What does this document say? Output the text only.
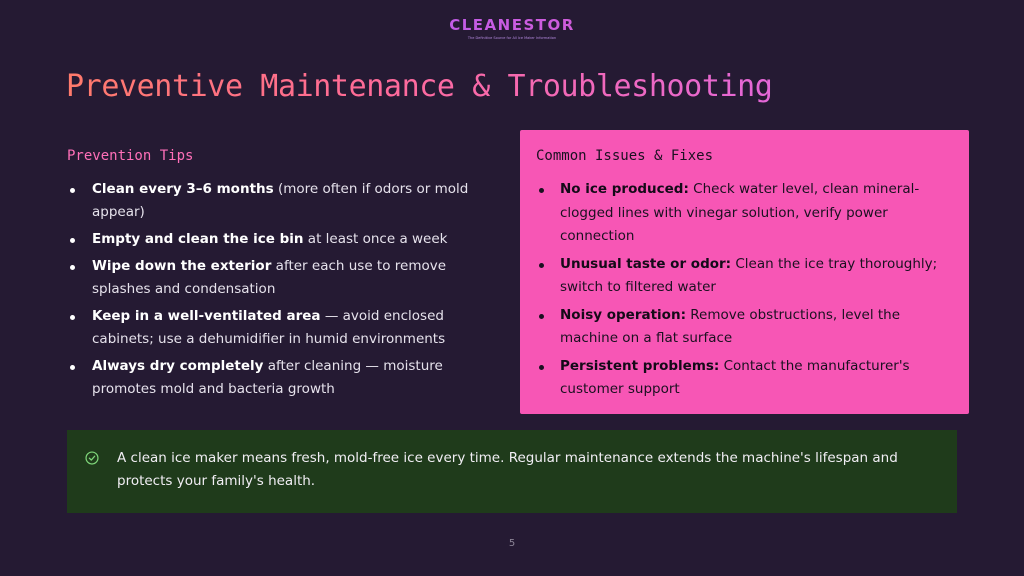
CLEANESTOR
The Definitive Source for All Ice Maker Information
Preventive Maintenance & Troubleshooting
Prevention Tips
Clean every 3–6 months (more often if odors or mold appear)
Empty and clean the ice bin at least once a week
Wipe down the exterior after each use to remove splashes and condensation
Keep in a well-ventilated area — avoid enclosed cabinets; use a dehumidifier in humid environments
Always dry completely after cleaning — moisture promotes mold and bacteria growth
Common Issues & Fixes
No ice produced: Check water level, clean mineral-clogged lines with vinegar solution, verify power connection
Unusual taste or odor: Clean the ice tray thoroughly; switch to filtered water
Noisy operation: Remove obstructions, level the machine on a flat surface
Persistent problems: Contact the manufacturer's customer support
A clean ice maker means fresh, mold-free ice every time. Regular maintenance extends the machine's lifespan and protects your family's health.
5
